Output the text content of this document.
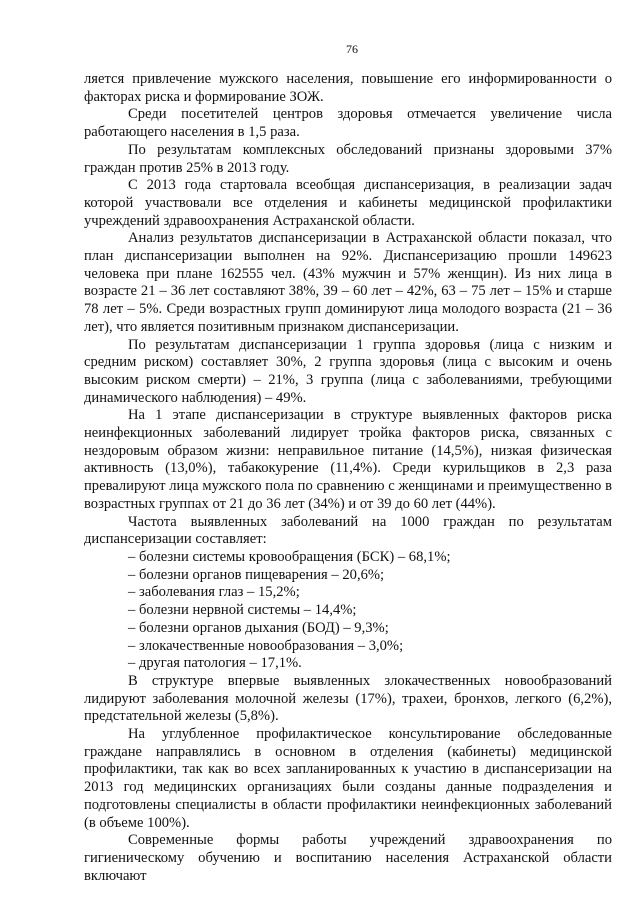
76

ляется привлечение мужского населения, повышение его информированности о факторах риска и формирование ЗОЖ.

Среди посетителей центров здоровья отмечается увеличение числа работающего населения в 1,5 раза.

По результатам комплексных обследований признаны здоровыми 37% граждан против 25% в 2013 году.

С 2013 года стартовала всеобщая диспансеризация, в реализации задач которой участвовали все отделения и кабинеты медицинской профилактики учреждений здравоохранения Астраханской области.

Анализ результатов диспансеризации в Астраханской области показал, что план диспансеризации выполнен на 92%. Диспансеризацию прошли 149623 человека при плане 162555 чел. (43% мужчин и 57% женщин). Из них лица в возрасте 21 – 36 лет составляют 38%, 39 – 60 лет – 42%, 63 – 75 лет – 15% и старше 78 лет – 5%. Среди возрастных групп доминируют лица молодого возраста (21 – 36 лет), что является позитивным признаком диспансеризации.

По результатам диспансеризации 1 группа здоровья (лица с низким и средним риском) составляет 30%, 2 группа здоровья (лица с высоким и очень высоким риском смерти) – 21%, 3 группа (лица с заболеваниями, требующими динамического наблюдения) – 49%.

На 1 этапе диспансеризации в структуре выявленных факторов риска неинфекционных заболеваний лидирует тройка факторов риска, связанных с нездоровым образом жизни: неправильное питание (14,5%), низкая физическая активность (13,0%), табакокурение (11,4%). Среди курильщиков в 2,3 раза превалируют лица мужского пола по сравнению с женщинами и преимущественно в возрастных группах от 21 до 36 лет (34%) и от 39 до 60 лет (44%).

Частота выявленных заболеваний на 1000 граждан по результатам диспансеризации составляет:

– болезни системы кровообращения (БСК) – 68,1%;
– болезни органов пищеварения – 20,6%;
– заболевания глаз – 15,2%;
– болезни нервной системы – 14,4%;
– болезни органов дыхания (БОД) – 9,3%;
– злокачественные новообразования – 3,0%;
– другая патология – 17,1%.

В структуре впервые выявленных злокачественных новообразований лидируют заболевания молочной железы (17%), трахеи, бронхов, легкого (6,2%), предстательной железы (5,8%).

На углубленное профилактическое консультирование обследованные граждане направлялись в основном в отделения (кабинеты) медицинской профилактики, так как во всех запланированных к участию в диспансеризации на 2013 год медицинских организациях были созданы данные подразделения и подготовлены специалисты в области профилактики неинфекционных заболеваний (в объеме 100%).

Современные формы работы учреждений здравоохранения по гигиеническому обучению и воспитанию населения Астраханской области включают
